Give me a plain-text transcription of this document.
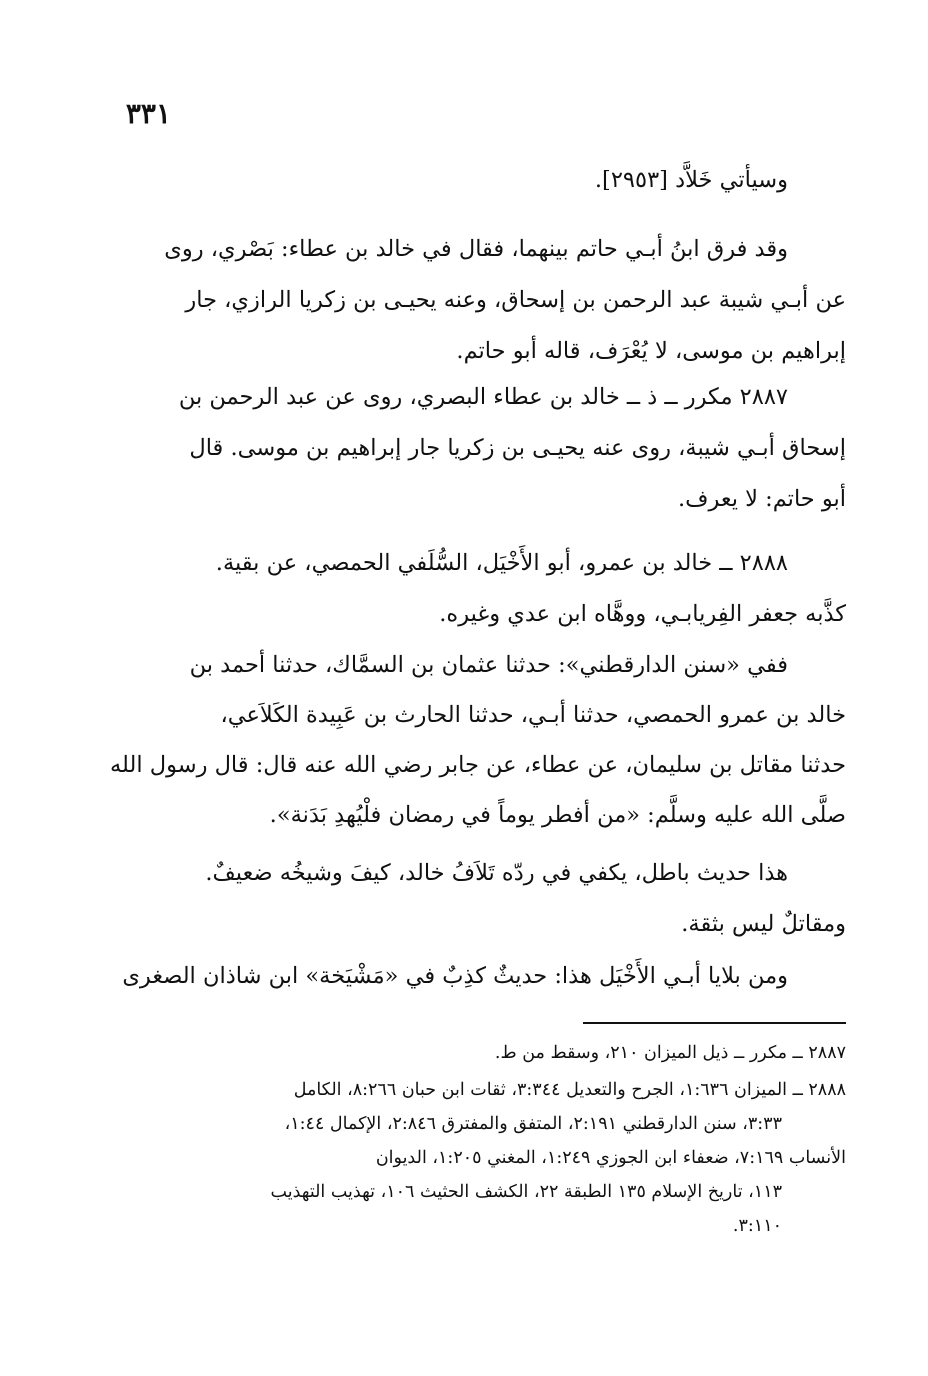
٣٣١
وسيأتي خَلاَّد [٢٩٥٣].
وقد فرق ابنُ أبـي حاتم بينهما، فقال في خالد بن عطاء: بَصْري، روى
عن أبـي شيبة عبد الرحمن بن إسحاق، وعنه يحيـى بن زكريا الرازي، جار
إبراهيم بن موسى، لا يُعْرَف، قاله أبو حاتم.
٢٨٨٧ مكرر ــ ذ ــ خالد بن عطاء البصري، روى عن عبد الرحمن بن
إسحاق أبـي شيبة، روى عنه يحيـى بن زكريا جار إبراهيم بن موسى. قال
أبو حاتم: لا يعرف.
٢٨٨٨ ــ خالد بن عمرو، أبو الأَخْيَل، السُّلَفي الحمصي، عن بقية.
كذَّبه جعفر الفِريابـي، ووهَّاه ابن عدي وغيره.
ففي «سنن الدارقطني»: حدثنا عثمان بن السمَّاك، حدثنا أحمد بن
خالد بن عمرو الحمصي، حدثنا أبـي، حدثنا الحارث بن عَبِيدة الكَلاَعي،
حدثنا مقاتل بن سليمان، عن عطاء، عن جابر رضي الله عنه قال: قال رسول الله
صلَّى الله عليه وسلَّم: «من أفطر يوماً في رمضان فلْيُهدِ بَدَنة».
هذا حديث باطل، يكفي في ردّه تَلاَفُ خالد، كيفَ وشيخُه ضعيفٌ.
ومقاتلٌ ليس بثقة.
ومن بلايا أبـي الأَخْيَل هذا: حديثٌ كذِبٌ في «مَشْيَخة» ابن شاذان الصغرى
٢٨٨٧ ــ مكرر ــ ذيل الميزان ٢١٠، وسقط من ط.
٢٨٨٨ ــ الميزان ١:٦٣٦، الجرح والتعديل ٣:٣٤٤، ثقات ابن حبان ٨:٢٦٦، الكامل
٣:٣٣، سنن الدارقطني ٢:١٩١، المتفق والمفترق ٢:٨٤٦، الإكمال ١:٤٤،
الأنساب ٧:١٦٩، ضعفاء ابن الجوزي ١:٢٤٩، المغني ١:٢٠٥، الديوان
١١٣، تاريخ الإسلام ١٣٥ الطبقة ٢٢، الكشف الحثيث ١٠٦، تهذيب التهذيب
٣:١١٠.
